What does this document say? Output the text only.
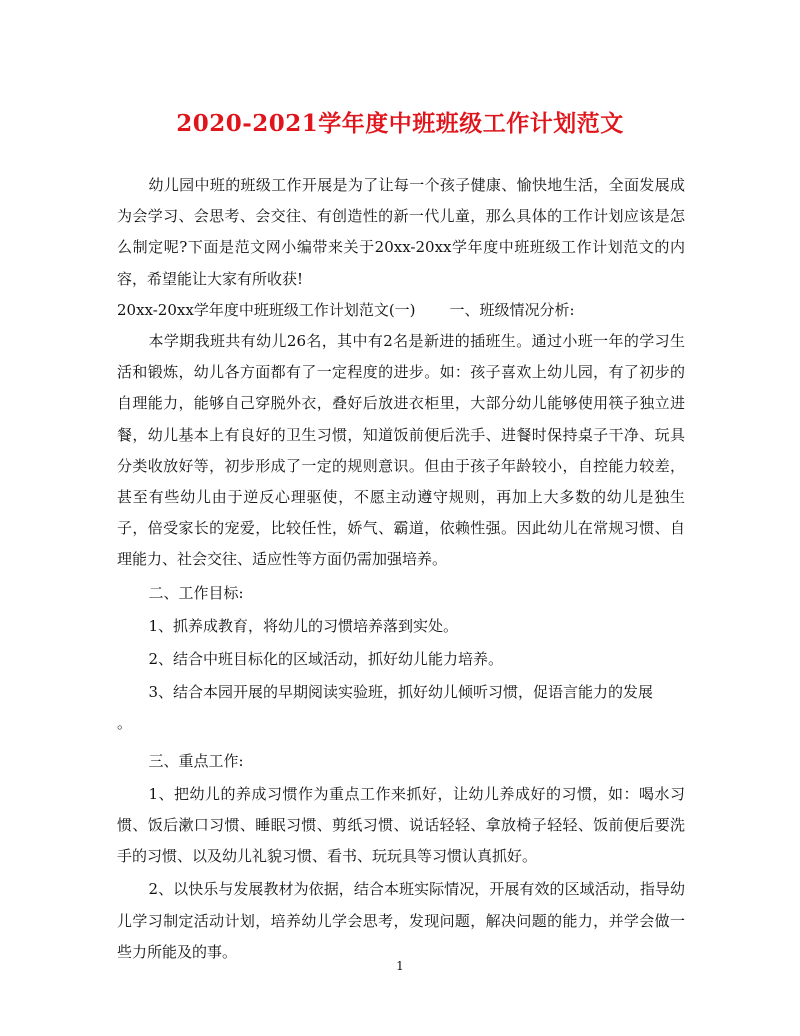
2020-2021学年度中班班级工作计划范文

幼儿园中班的班级工作开展是为了让每一个孩子健康、愉快地生活，全面发展成为会学习、会思考、会交往、有创造性的新一代儿童，那么具体的工作计划应该是怎么制定呢?下面是范文网小编带来关于20xx-20xx学年度中班班级工作计划范文的内容，希望能让大家有所收获!

20xx-20xx学年度中班班级工作计划范文(一) 一、班级情况分析:

本学期我班共有幼儿26名，其中有2名是新进的插班生。通过小班一年的学习生活和锻炼，幼儿各方面都有了一定程度的进步。如：孩子喜欢上幼儿园，有了初步的自理能力，能够自己穿脱外衣，叠好后放进衣柜里，大部分幼儿能够使用筷子独立进餐，幼儿基本上有良好的卫生习惯，知道饭前便后洗手、进餐时保持桌子干净、玩具分类收放好等，初步形成了一定的规则意识。但由于孩子年龄较小，自控能力较差，甚至有些幼儿由于逆反心理驱使，不愿主动遵守规则，再加上大多数的幼儿是独生子，倍受家长的宠爱，比较任性，娇气、霸道，依赖性强。因此幼儿在常规习惯、自理能力、社会交往、适应性等方面仍需加强培养。

二、工作目标:

1、抓养成教育，将幼儿的习惯培养落到实处。

2、结合中班目标化的区域活动，抓好幼儿能力培养。

3、结合本园开展的早期阅读实验班，抓好幼儿倾听习惯，促语言能力的发展

。

三、重点工作:

1、把幼儿的养成习惯作为重点工作来抓好，让幼儿养成好的习惯，如：喝水习惯、饭后漱口习惯、睡眠习惯、剪纸习惯、说话轻轻、拿放椅子轻轻、饭前便后要洗手的习惯、以及幼儿礼貌习惯、看书、玩玩具等习惯认真抓好。

2、以快乐与发展教材为依据，结合本班实际情况，开展有效的区域活动，指导幼儿学习制定活动计划，培养幼儿学会思考，发现问题，解决问题的能力，并学会做一些力所能及的事。

1
